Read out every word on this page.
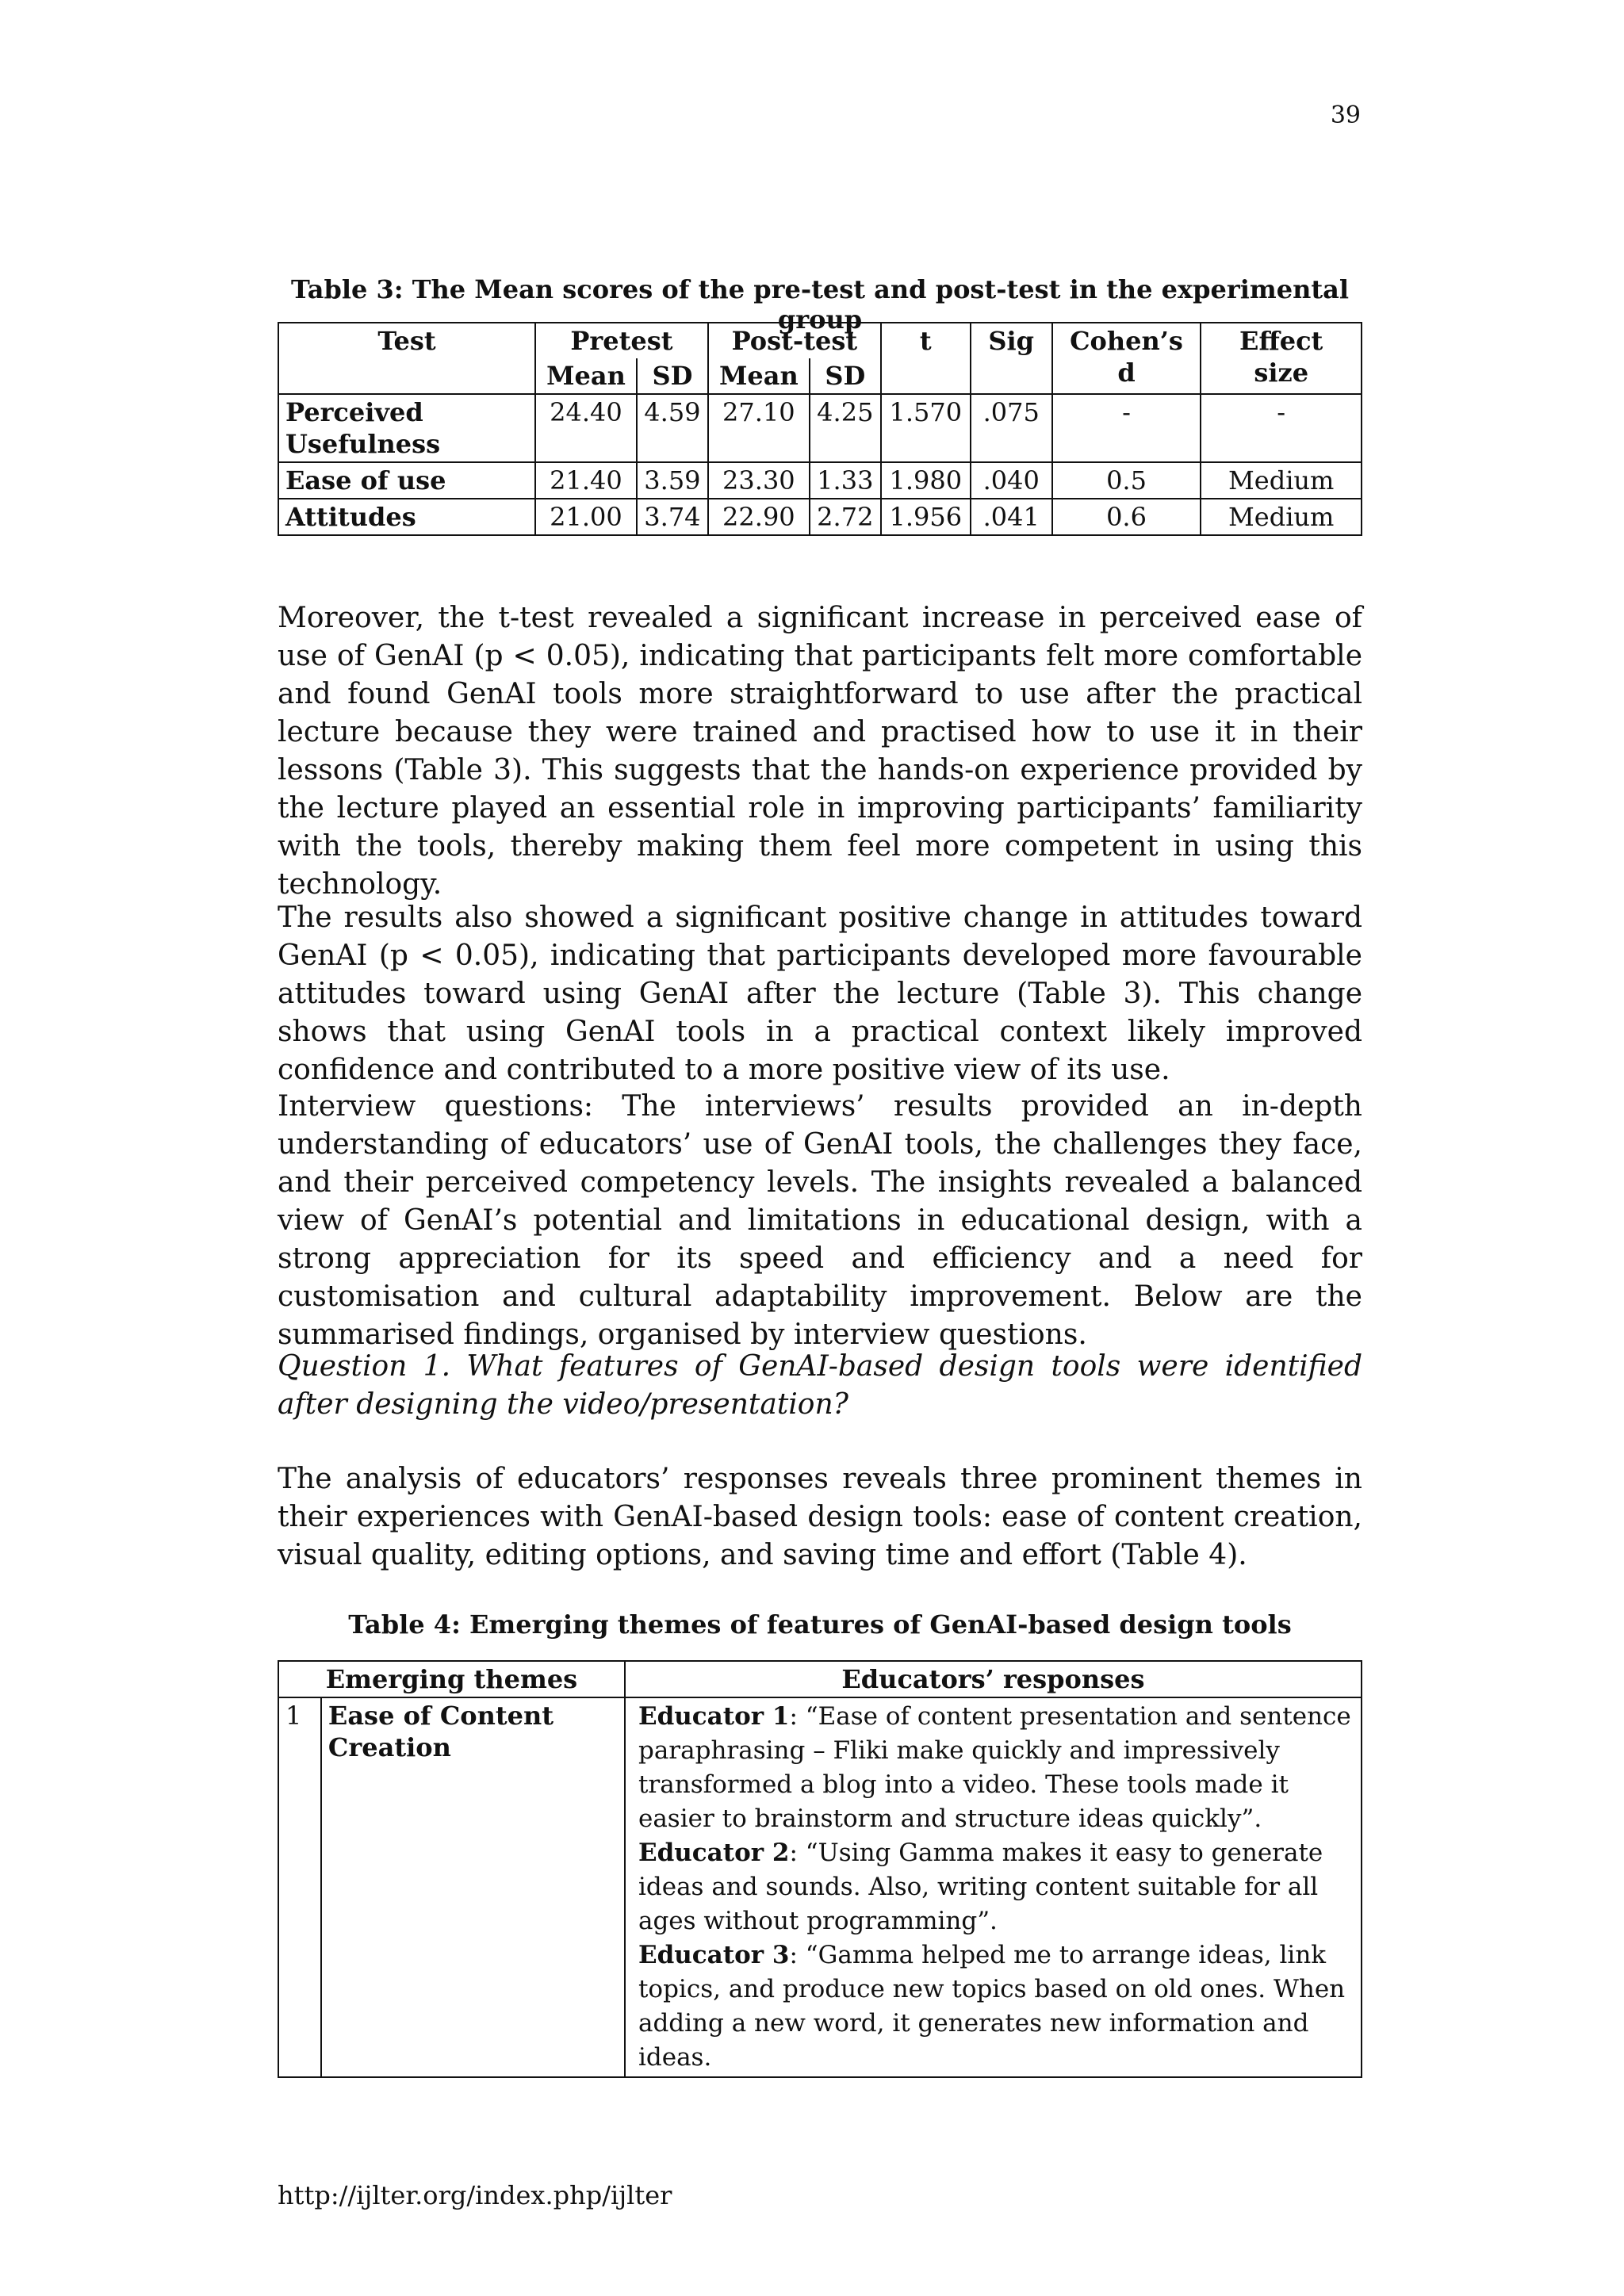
39
Table 3: The Mean scores of the pre-test and post-test in the experimental group
Test	Pretest		Post-test		t	Sig	Cohen’s d	Effect size
	Mean	SD	Mean	SD				
Perceived Usefulness	24.40	4.59	27.10	4.25	1.570	.075	-	-
Ease of use	21.40	3.59	23.30	1.33	1.980	.040	0.5	Medium
Attitudes	21.00	3.74	22.90	2.72	1.956	.041	0.6	Medium
Moreover, the t-test revealed a significant increase in perceived ease of use of GenAI (p < 0.05), indicating that participants felt more comfortable and found GenAI tools more straightforward to use after the practical lecture because they were trained and practised how to use it in their lessons (Table 3). This suggests that the hands-on experience provided by the lecture played an essential role in improving participants’ familiarity with the tools, thereby making them feel more competent in using this technology.
The results also showed a significant positive change in attitudes toward GenAI (p < 0.05), indicating that participants developed more favourable attitudes toward using GenAI after the lecture (Table 3). This change shows that using GenAI tools in a practical context likely improved confidence and contributed to a more positive view of its use.
Interview questions: The interviews’ results provided an in-depth understanding of educators’ use of GenAI tools, the challenges they face, and their perceived competency levels. The insights revealed a balanced view of GenAI’s potential and limitations in educational design, with a strong appreciation for its speed and efficiency and a need for customisation and cultural adaptability improvement. Below are the summarised findings, organised by interview questions.
Question 1. What features of GenAI-based design tools were identified after designing the video/presentation?
The analysis of educators’ responses reveals three prominent themes in their experiences with GenAI-based design tools: ease of content creation, visual quality, editing options, and saving time and effort (Table 4).
Table 4: Emerging themes of features of GenAI-based design tools
Emerging themes		Educators’ responses
1	Ease of Content Creation	Educator 1: “Ease of content presentation and sentence paraphrasing – Fliki make quickly and impressively transformed a blog into a video. These tools made it easier to brainstorm and structure ideas quickly”.
Educator 2: “Using Gamma makes it easy to generate ideas and sounds. Also, writing content suitable for all ages without programming”.
Educator 3: “Gamma helped me to arrange ideas, link topics, and produce new topics based on old ones. When adding a new word, it generates new information and ideas.
http://ijlter.org/index.php/ijlter
